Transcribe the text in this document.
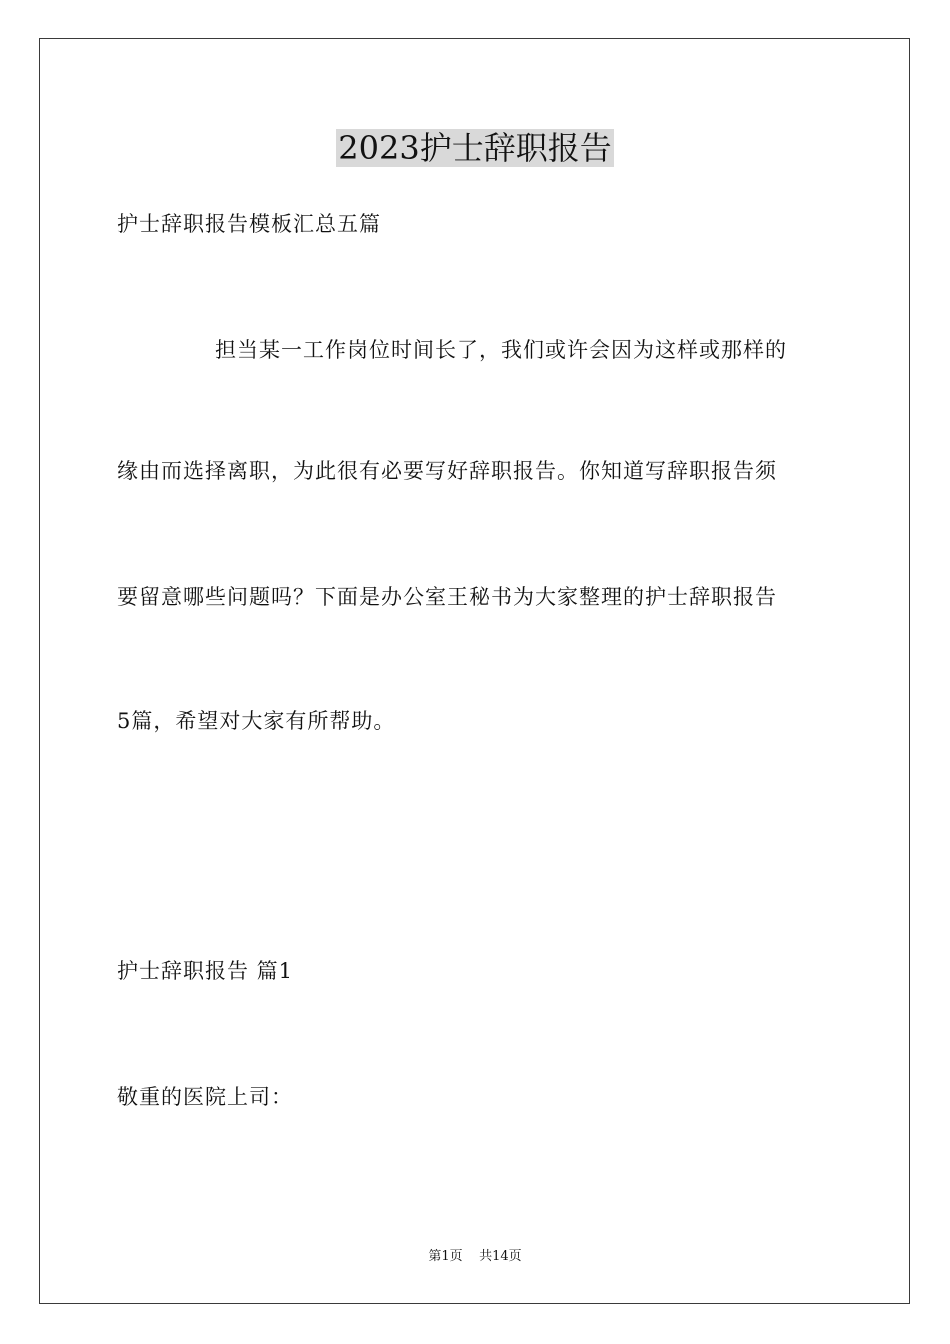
2023护士辞职报告

护士辞职报告模板汇总五篇

担当某一工作岗位时间长了，我们或许会因为这样或那样的

缘由而选择离职，为此很有必要写好辞职报告。你知道写辞职报告须

要留意哪些问题吗？下面是办公室王秘书为大家整理的护士辞职报告

5篇，希望对大家有所帮助。

护士辞职报告 篇1

敬重的医院上司：

第1页 共14页
